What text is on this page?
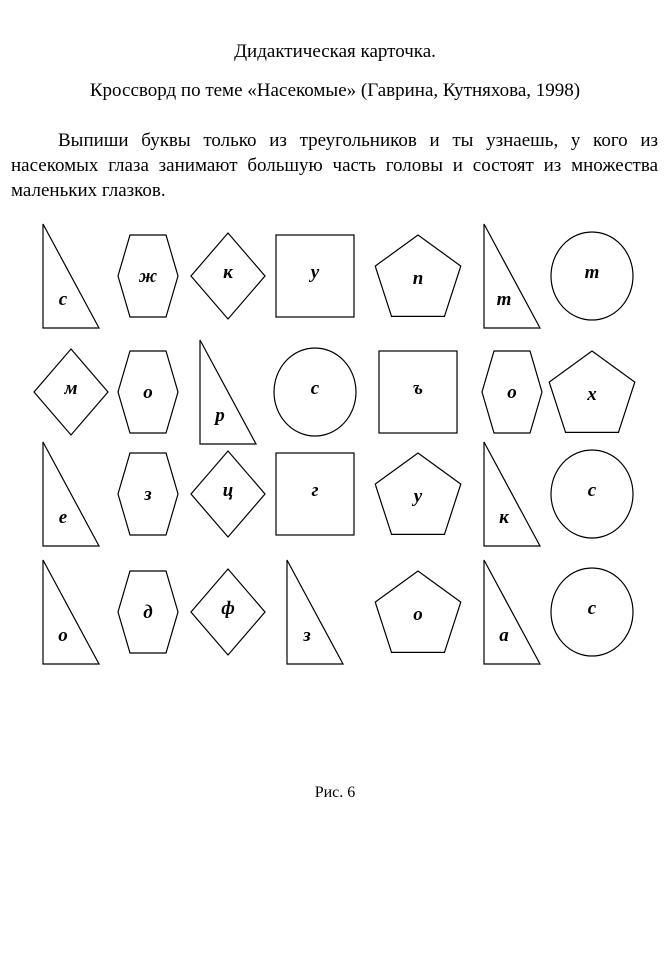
Дидактическая карточка.

Кроссворд по теме «Насекомые» (Гаврина, Кутняхова, 1998)

Выпиши буквы только из треугольников и ты узнаешь, у кого из насекомых глаза занимают большую часть головы и состоят из множества маленьких глазков.

с
ж	к	у	п
т
т
м	о
р
с	ъ	о	х
е
з	ц	г	у
к
с
о
д	ф
з
о
а
с

Рис. 6
